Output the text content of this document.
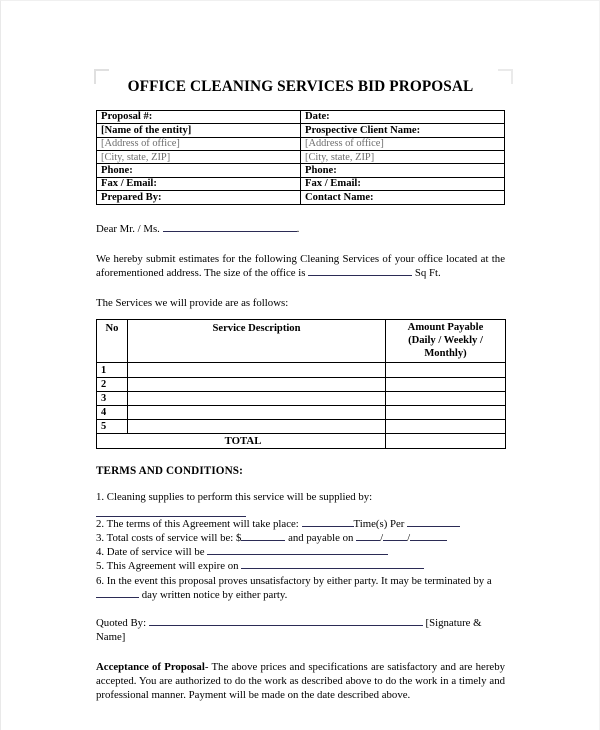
OFFICE CLEANING SERVICES BID PROPOSAL
Proposal #:	Date:
[Name of the entity]	Prospective Client Name:
[Address of office]	[Address of office]
[City, state, ZIP]	[City, state, ZIP]
Phone:	Phone:
Fax / Email:	Fax / Email:
Prepared By:	Contact Name:

Dear Mr. / Ms.	.

We hereby submit estimates for the following Cleaning Services of your office located at the aforementioned address. The size of the office is	Sq Ft.

The Services we will provide are as follows:

No	Service Description	Amount Payable
(Daily / Weekly /
Monthly)
1		
2		
3		
4		
5		
TOTAL		

TERMS AND CONDITIONS:

1. Cleaning supplies to perform this service will be supplied by:

2. The terms of this Agreement will take place:	Time(s) Per

3. Total costs of service will be: $	and payable on / /

4. Date of service will be

5. This Agreement will expire on

6. In the event this proposal proves unsatisfactory by either party. It may be terminated by a  day written notice by either party.

Quoted By:	[Signature & Name]

Acceptance of Proposal- The above prices and specifications are satisfactory and are hereby accepted. You are authorized to do the work as described above to do the work in a timely and professional manner. Payment will be made on the date described above.
